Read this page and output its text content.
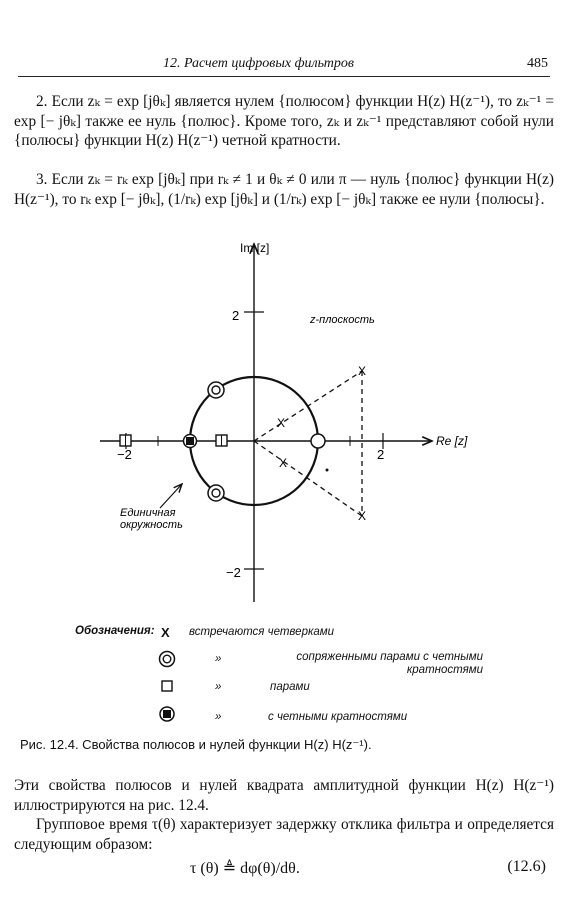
12. Расчет цифровых фильтров	485

2. Если zₖ = exp [jθₖ] является нулем {полюсом} функции H(z) H(z⁻¹), то zₖ⁻¹ = exp [− jθₖ] также ее нуль {полюс}. Кроме того, zₖ и zₖ⁻¹ представляют собой нули {полюсы} функции H(z) H(z⁻¹) четной кратности.

3. Если zₖ = rₖ exp [jθₖ] при rₖ ≠ 1 и θₖ ≠ 0 или π — нуль {полюс} функции H(z) H(z⁻¹), то rₖ exp [− jθₖ], (1/rₖ) exp [jθₖ] и (1/rₖ) exp [− jθₖ] также ее нули {полюсы}.

2
−2
−2	2
Im [z]
Re [z]
z-плоскость
X
X
X
X
Единичная
окружность
Обозначения: X встречаются четверками
»	сопряженными парами с четными кратностями
»	парами
»	с четными кратностями
Рис. 12.4. Свойства полюсов и нулей функции H(z) H(z⁻¹).
Эти свойства полюсов и нулей квадрата амплитудной функции H(z) H(z⁻¹) иллюстрируются на рис. 12.4.
Групповое время τ(θ) характеризует задержку отклика фильтра и определяется следующим образом:
τ (θ) ≜ dφ(θ)/dθ.	(12.6)
